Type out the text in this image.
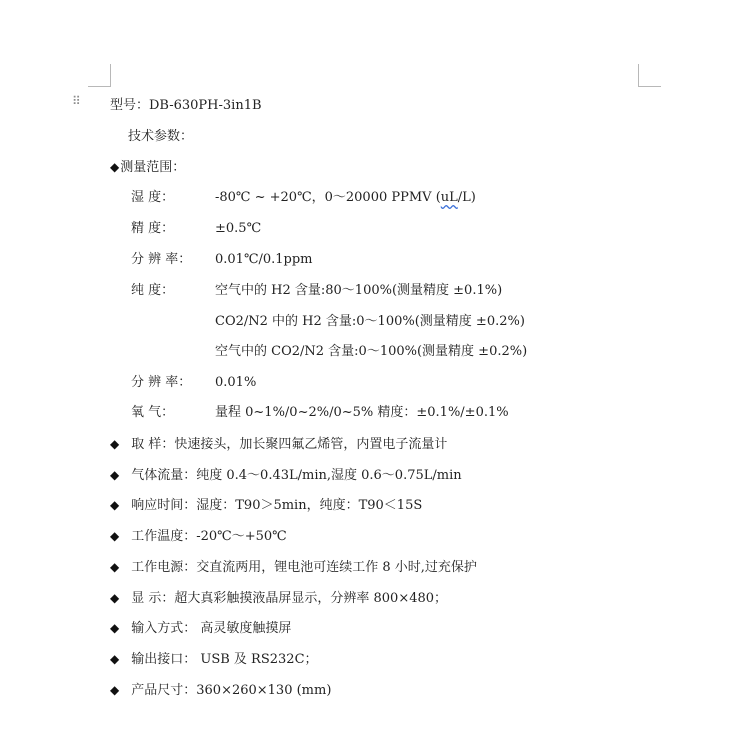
⠿ 型号：DB-630PH-3in1B
技术参数：
◆测量范围：
湿 度：	-80℃ ~ +20℃，0～20000 PPMV (uL/L)
精 度：	±0.5℃
分 辨 率： 0.01℃/0.1ppm
纯 度：	空气中的 H2 含量:80～100%(测量精度 ±0.1%)
CO2/N2 中的 H2 含量:0～100%(测量精度 ±0.2%)
空气中的 CO2/N2 含量:0～100%(测量精度 ±0.2%)
分 辨 率： 0.01%
氧 气：	量程 0~1%/0~2%/0~5% 精度：±0.1%/±0.1%
◆ 取 样：快速接头，加长聚四氟乙烯管，内置电子流量计
◆ 气体流量：纯度 0.4～0.43L/min,湿度 0.6～0.75L/min
◆ 响应时间：湿度：T90＞5min，纯度：T90＜15S
◆ 工作温度：-20℃～+50℃
◆ 工作电源：交直流两用，锂电池可连续工作 8 小时,过充保护
◆ 显 示：超大真彩触摸液晶屏显示，分辨率 800×480；
◆ 输入方式： 高灵敏度触摸屏
◆ 输出接口： USB 及 RS232C；
◆ 产品尺寸：360×260×130 (mm)
